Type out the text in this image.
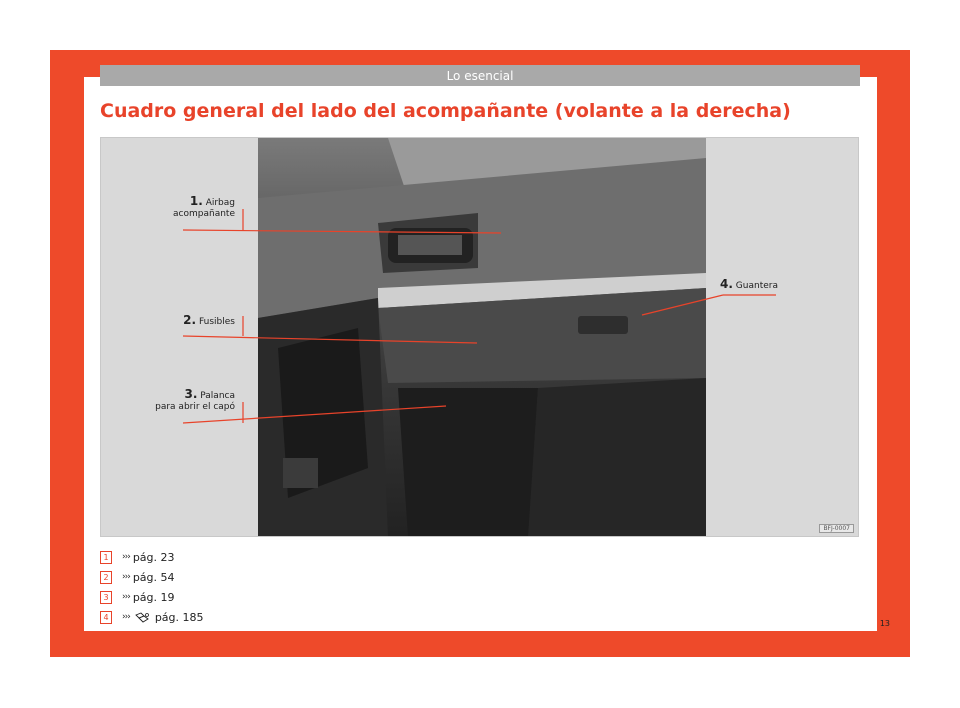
Lo esencial
Cuadro general del lado del acompañante (volante a la derecha)
1. Airbag
acompañante
2. Fusibles
3. Palanca
para abrir el capó
4. Guantera
BFJ-0007
1	››› pág. 23
2	››› pág. 54
3	››› pág. 19
4	››› pág. 185	13
